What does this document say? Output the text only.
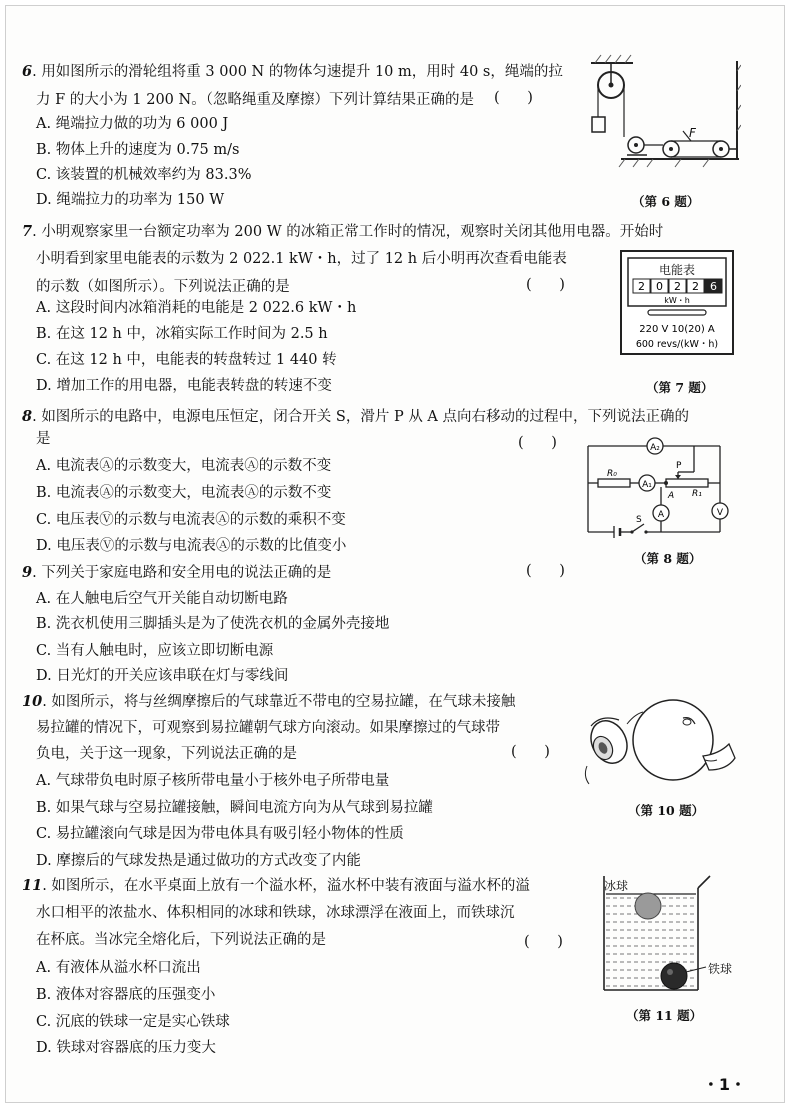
6. 用如图所示的滑轮组将重 3 000 N 的物体匀速提升 10 m，用时 40 s，绳端的拉
力 F 的大小为 1 200 N。（忽略绳重及摩擦）下列计算结果正确的是 (      )
A. 绳端拉力做的功为 6 000 J
B. 物体上升的速度为 0.75 m/s
C. 该装置的机械效率约为 83.3%
D. 绳端拉力的功率为 150 W
F
（第 6 题）
7. 小明观察家里一台额定功率为 200 W 的冰箱正常工作时的情况，观察时关闭其他用电器。开始时
小明看到家里电能表的示数为 2 022.1 kW・h，过了 12 h 后小明再次查看电能表
的示数（如图所示）。下列说法正确的是	(      )
A. 这段时间内冰箱消耗的电能是 2 022.6 kW・h
B. 在这 12 h 中，冰箱实际工作时间为 2.5 h
C. 在这 12 h 中，电能表的转盘转过 1 440 转
D. 增加工作的用电器，电能表转盘的转速不变
电能表
2 0 2 2 6
kW・h
220 V 10(20) A
600 revs/(kW・h)
（第 7 题）
8. 如图所示的电路中，电源电压恒定，闭合开关 S，滑片 P 从 A 点向右移动的过程中，下列说法正确的
是	(      )
A. 电流表Ⓐ的示数变大，电流表Ⓐ的示数不变
B. 电流表Ⓐ的示数变大，电流表Ⓐ的示数不变
C. 电压表Ⓥ的示数与电流表Ⓐ的示数的乘积不变
D. 电压表Ⓥ的示数与电流表Ⓐ的示数的比值变小
A₂
A₁
A	V
R₀
R₁
P
A
S
（第 8 题）
9. 下列关于家庭电路和安全用电的说法正确的是	(      )
A. 在人触电后空气开关能自动切断电路
B. 洗衣机使用三脚插头是为了使洗衣机的金属外壳接地
C. 当有人触电时，应该立即切断电源
D. 日光灯的开关应该串联在灯与零线间
10. 如图所示，将与丝绸摩擦后的气球靠近不带电的空易拉罐，在气球未接触
易拉罐的情况下，可观察到易拉罐朝气球方向滚动。如果摩擦过的气球带
负电，关于这一现象，下列说法正确的是	(      )
A. 气球带负电时原子核所带电量小于核外电子所带电量
B. 如果气球与空易拉罐接触，瞬间电流方向为从气球到易拉罐
C. 易拉罐滚向气球是因为带电体具有吸引轻小物体的性质
D. 摩擦后的气球发热是通过做功的方式改变了内能
（第 10 题）
11. 如图所示，在水平桌面上放有一个溢水杯，溢水杯中装有液面与溢水杯的溢
水口相平的浓盐水、体积相同的冰球和铁球，冰球漂浮在液面上，而铁球沉
在杯底。当冰完全熔化后，下列说法正确的是	(      )
A. 有液体从溢水杯口流出
B. 液体对容器底的压强变小
C. 沉底的铁球一定是实心铁球
D. 铁球对容器底的压力变大
冰球
铁球
（第 11 题）
・1・
